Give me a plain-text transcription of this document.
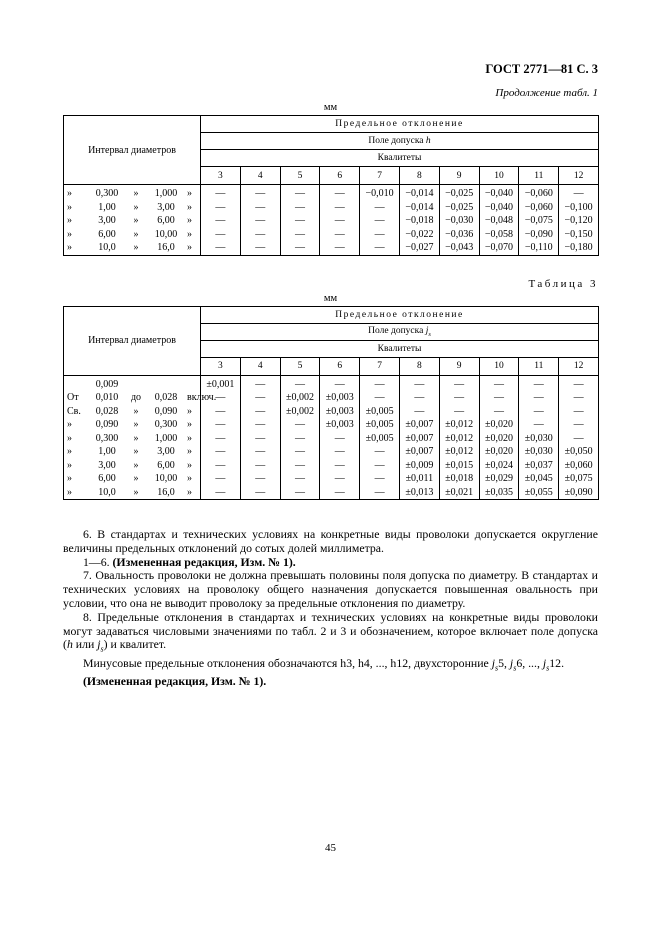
ГОСТ 2771—81 С. 3
Продолжение табл. 1
мм
Интервал диаметров	Предельное отклонение									
	Поле допуска h									
	Квалитеты									
	3	4	5	6	7	8	9	10	11	12

» 0,300 » 1,000 »	—	—	—	—	−0,010	−0,014	−0,025	−0,040	−0,060	—

» 1,00 » 3,00 »	—	—	—	—	—	−0,014	−0,025	−0,040	−0,060	−0,100

» 3,00 » 6,00 »	—	—	—	—	—	−0,018	−0,030	−0,048	−0,075	−0,120

» 6,00 » 10,00 »	—	—	—	—	—	−0,022	−0,036	−0,058	−0,090	−0,150

» 10,0 » 16,0 »	—	—	—	—	—	−0,027	−0,043	−0,070	−0,110	−0,180
Таблица 3
мм
Интервал диаметров	Предельное отклонение									
	Поле допуска $j_s$
	Квалитеты									
	3	4	5	6	7	8	9	10	11	12

0,009	±0,001	—	—	—	—	—	—	—	—	—

От 0,010 до 0,028 включ.	—	—	±0,002	±0,003	—	—	—	—	—	—

Св. 0,028 » 0,090 »	—	—	±0,002	±0,003	±0,005	—	—	—	—	—

» 0,090 » 0,300 »	—	—	—	±0,003	±0,005	±0,007	±0,012	±0,020	—	—

» 0,300 » 1,000 »	—	—	—	—	±0,005	±0,007	±0,012	±0,020	±0,030	—

» 1,00 » 3,00 »	—	—	—	—	—	±0,007	±0,012	±0,020	±0,030	±0,050

» 3,00 » 6,00 »	—	—	—	—	—	±0,009	±0,015	±0,024	±0,037	±0,060

» 6,00 » 10,00 »	—	—	—	—	—	±0,011	±0,018	±0,029	±0,045	±0,075

» 10,0 » 16,0 »	—	—	—	—	—	±0,013	±0,021	±0,035	±0,055	±0,090

6. В стандартах и технических условиях на конкретные виды проволоки допускается округление величины предельных отклонений до сотых долей миллиметра.

1—6. (Измененная редакция, Изм. № 1).

7. Овальность проволоки не должна превышать половины поля допуска по диаметру. В стандартах и технических условиях на проволоку общего назначения допускается повышенная овальность при условии, что она не выводит проволоку за предельные отклонения по диаметру.

8. Предельные отклонения в стандартах и технических условиях на конкретные виды проволоки могут задаваться числовыми значениями по табл. 2 и 3 и обозначением, которое включает поле допуска (h или $j_s$) и квалитет.

Минусовые предельные отклонения обозначаются h3, h4, ..., h12, двухсторонние $j_s5$, $j_s6$, ..., $j_s12$.

(Измененная редакция, Изм. № 1).

45
